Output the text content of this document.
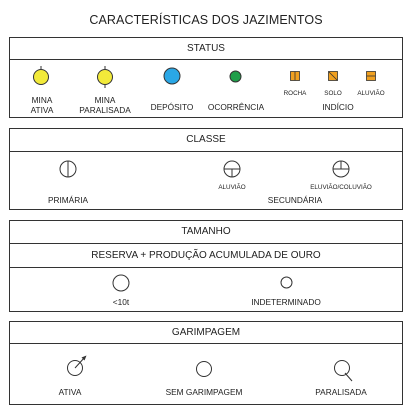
CARACTERÍSTICAS DOS JAZIMENTOS
STATUS
MINA
ATIVA
MINA
PARALISADA	DEPÓSITO	OCORRÊNCIA
ROCHA	SOLO	ALUVIÃO
INDÍCIO
CLASSE
PRIMÁRIA
ALUVIÃO	ELUVIÃO/COLUVIÃO
SECUNDÁRIA
TAMANHO
RESERVA + PRODUÇÃO ACUMULADA DE OURO
<10t	INDETERMINADO
GARIMPAGEM
ATIVA	SEM GARIMPAGEM	PARALISADA
